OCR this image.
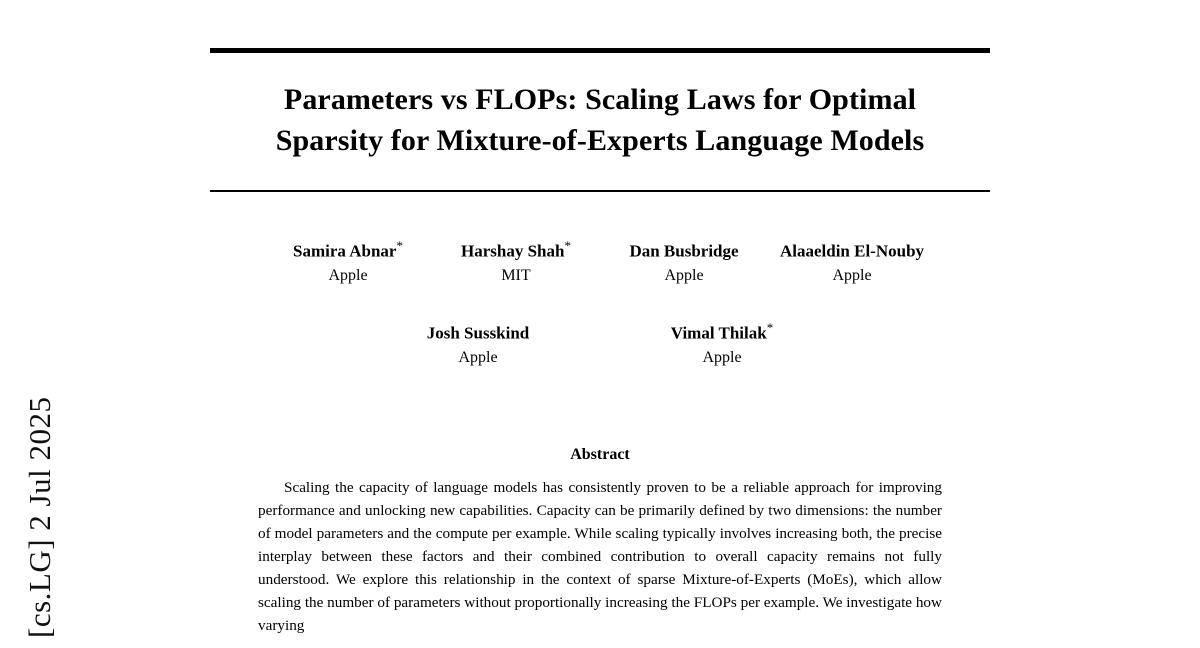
[cs.LG] 2 Jul 2025
Parameters vs FLOPs: Scaling Laws for Optimal
Sparsity for Mixture-of-Experts Language Models
Samira Abnar*
Apple
Harshay Shah*
MIT
Dan Busbridge
Apple
Alaaeldin El-Nouby
Apple
Josh Susskind
Apple
Vimal Thilak*
Apple
Abstract

Scaling the capacity of language models has consistently proven to be a reliable approach for improving performance and unlocking new capabilities. Capacity can be primarily defined by two dimensions: the number of model parameters and the compute per example. While scaling typically involves increasing both, the precise interplay between these factors and their combined contribution to overall capacity remains not fully understood. We explore this relationship in the context of sparse Mixture-of-Experts (MoEs), which allow scaling the number of parameters without proportionally increasing the FLOPs per example. We investigate how varying
